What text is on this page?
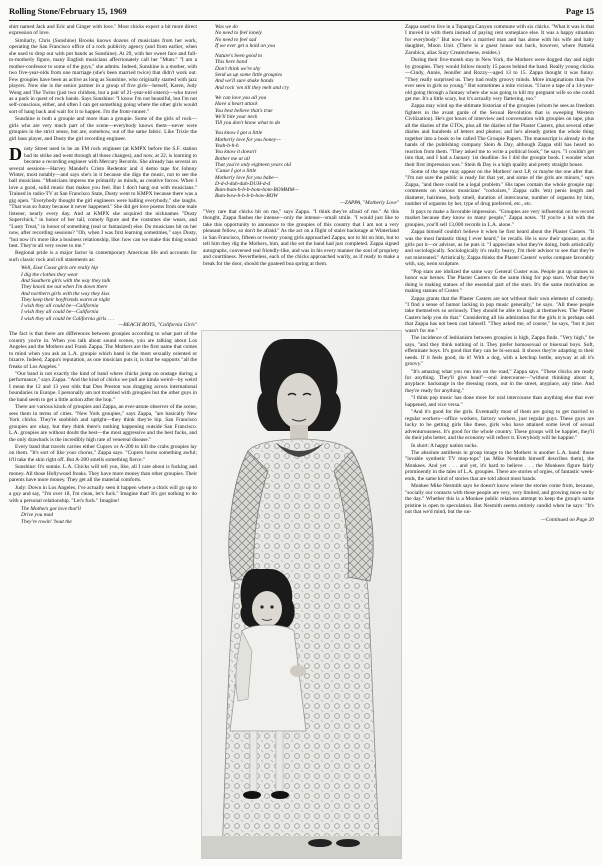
Rolling Stone/February 15, 1969	Page 15

shirt named Jack and Eric and Ginger with love." Most chicks expect a bit more direct expression of love.

Similarly, Chris (Sunshine) Brooks knows dozens of musicians from her work, operating the San Francisco office of a rock publicity agency (and from earlier, when she used to drop out with pot bands as Sunshine). At 29, with her sweet face and full-to-motherly figure, many English musicians affectionately call her "Mum." "I am a mother-confessor to some of the guys," she admits. Indeed, Sunshine is a mother, with two five-year-olds from one marriage (she's been married twice) that didn't work out. Few groupies have been as active as long as Sunshine, who originally started with jazz players. Now she is the senior partner in a group of five girls—herself, Karen, Judy Wong and The Twins (just two children, but a pair of 21-year-old sisters)—who travel as a pack in quest of rock bands. Says Sunshine: "I know I'm not beautiful, but I'm not self-conscious, either, and often I can get something going where the other girls would sort of hang back and wait for it to happen. I'm the front-runner."

Sunshine is both a groupie and more than a groupie. Some of the girls of rock—girls who are very much part of the scene—everybody knows them—never were groupies in the strict sense, but are, somehow, out of the same fabric. Like Trixie the girl bass player, and Dusty the girl recording engineer.

Dusty Street used to be an FM rock engineer (at KMPX before the S.F. station had its strike and went through all those changes), and now, at 22, is learning to become a recording engineer with Mercury Records. She already has several on several sessions—Harvey Mandel's Cristo Redentor and 4 demo tape for Johnny Winter, most notably—and says she's in it because she digs the music, not to see the ball musicians. "Musicians impress me primarily as minds, as creative forces. When I love a good, solid music that makes you feel. But I don't hang out with musicians." Trained in radio-TV at San Francisco State, Dusty went to KMPX because there was a gig open. "Everybody thought the girl engineers were balling everybody," she laughs. "That was so funny because it never happened." She did get love poems from one male listener, nearly every day. And at KMPX she acquired the nicknames "Dusty Superchick," in honor of her tall, comely figure and the costumes she wears, and "Lusty Treat," in honor of something (real or fantasized) else. Do musicians hit on her now, after recording sessions? "Oh, when I was first learning sometimes," says Dusty, "but now it's more like a business relationship, like: how can we make this thing sound best. They're all very sweet to me."

Regional pride is a major factor in contemporary American life and accounts for such classic rock and roll statements as:

Well, East Coast girls are really hip
I dig the clothes they wear
And Southern girls with the way they talk
They knock me out when I'm down there
And northern girls with the way they kiss
They keep their boyfriends warm at night
I wish they all could be—California
I wish they all could be—California
I wish they all could be California girls . . .
—BEACH BOYS, "California Girls"

The fact is that there are differences between groupies according to what part of the country you're in. When you talk about sound scenes, you are talking about Los Angeles and the Mothers and Frank Zappa. The Mothers are the first name that comes to mind when you ask an L.A. groupie which band is the most sexually oriented or bizarre. Indeed, Zappa's reputation, as one musician puts it, is that he supports "all the freaks of Los Angeles."

"Our band is not exactly the kind of band where chicks jump on onstage during a performance," says Zappa. "And the kind of chicks we pull are kinda weird—by weird I mean the 12 and 13 year olds that Don Preston was dragging across international boundaries in Europe. I personally am not troubled with groupies but the other guys in the band seem to get a little action after the hop."

There are various kinds of groupies and Zappa, an ever-astute observer of the scene, sees them in terms of cities. "New York groupies," says Zappa, "are basically New York chicks. They're snobbish and uptight—they think they're hip. San Francisco groupies are okay, but they think there's nothing happening outside San Francisco. L.A. groupies are without doubt the best—the most aggressive and the best fucks, and the only drawback is the incredibly high rate of venereal disease."

Every band that travels carries either Cuprex or A-200 to kill the crabs groupies lay on them. "It's sort of like your chorus," Zappa says. "Cuprex burns something awful; it'll take the skin right off. But A-200 smells something fierce."

Sunshine: It's sunnie. L.A. Chicks will tell you, like, all I care about is fucking and money. All those Hollywood freaks. They have more money than other groupies. Their parents have more money. They get all the material comforts.

Judy: Down in Los Angeles, I've actually seen it happen where a chick will go up to a guy and say, "I'm over 18, I'm clean, let's fuck." Imagine that! It's got nothing to do with a personal relationship. "Let's fuck." Imagine!

The Mothers got love that'll
Drive you mad
They're rowin' 'bout the
Was we do
No need to feel lonely
No need to feel sad
If we ever get a hold on you
Nature's been good to
This here band
Don't think we're shy
Send us up some little groupies
And we'll sure shake hands
And rock 'em till they melt and cry
We can love you all you
Have a heart attack
You best believe that's true
We'll bite your neck
Till you don't know what to do
You know I got a little
Motherly love for you honey—
Yeah-h-h-h
You know it doesn't
Bother me at all
That you're only eighteen years old
'Cause I got a little
Motherly love for you babe—
D-d-d-duh-duh-DUH-d-d
Bum-bum-b-b-b-bom-bom-BOMMM—
Bum-bow-b-b-b-b-bow-BOW
—ZAPPA, "Motherly Love"

"Very rare that chicks hit on me," says Zappa. "I think they're afraid of me." At this thought, Zappa flashes the intense—only the intense—small smile. "I would just like to take this opportunity to announce to the groupies of this country that I am not a very pleasant fellow, so don't be afraid." As the act on a flight of stairs backstage at Winterland in San Francisco, fifteen or twenty young girls approached Zappa, not to hit on him, but to tell him they dig the Mothers, him, and the set the band had just completed. Zappa signed autographs, conversed real friendly-like, and was in his every manner the soul of propriety and courtliness. Nevertheless, each of the chicks approached warily, as if ready to make a break for the door, should the goateed boa spring at them.

Zappa used to live in a Topanga Canyon commune with six chicks. "What it was is that I moved in with them instead of paying rent someplace else. It was a happy situation for everybody." But now he's a married man and has alone with his wife and baby daughter, Moon Unit. (There is a guest house out back, however, where Pamela Zarubica, alias Suzy Creamcheese, resides.)

During their five-month stay in New York, the Mothers were dogged day and night by groupies. They would follow mostly 15 paces behind the band. Really young chicks—Cindy, Annie, Jennifer and Rozzy—aged 13 to 15. Zappa thought it was funny. "They really surprised us. They had really groovy minds. More imaginations than I've ever seen in girls so young." But sometimes a mite vicious. "I have a tape of a 14-year-old going through a fantasy where she was going to kill my pregnant wife so she could get me. It's a little scary, but it's actually very flattering, too."

Zappa may wind up the ultimate historian of the groupies (whom he sees as freedom fighters in the avant garde of the Sexual Revolution that is sweeping Western Civilization). He's got hours of interview and conversation with groupies on tape, plus all the diaries of the GTOs, plus all the diaries of the Plaster Casters, plus several other diaries and hundreds of letters and photos; and he's already gotten the whole thing together into a book to be called The Groupie Papers. The manuscript is already in the hands of the publishing company Stein & Day, although Zappa still has heard no reaction from them. "They asked me to write a political book," he says. "I couldn't get into that, and I had a January 1st deadline. So I did the groupie book. I wonder what their first impression was." Stein & Day is a high quality and pretty straight house.

Some of the tape may appear on the Mothers' next LP, or maybe the one after that. "I'm not sure the public is ready for that yet, and some of the girls are minors," says Zappa, "and there could be a legal problem." His tapes contain the whole groupie rap: comments on various musicians' "cocksizes," Zappa calls 'em) penis length and diameter, hairiness, body smell, duration of intercourse, number of orgasms by him, number of orgasms by her, type of drug preferred, etc., etc.

It pays to make a favorable impression. "Groupies are very influential on the record market because they know so many people," Zappa notes. "If you're a hit with the groupies, you'll sell 13,000 records in L.A. alone."

Zappa himself couldn't believe it when he first heard about the Plaster Casters. "It was the most fantastic thing I ever heard," he recalls. He is now their sponsor, as the girls put it—or advisor, as he puts it. "I appreciate what they're doing, both artistically and sociologically. Sociologically it's really heavy, I'm their advisor to see that they're not mistreated." Artistically, Zappa thinks the Plaster Casters' works compare favorably with, say, neon sculpture.

"Pop stars are idolized the same way General Custer was. People put up statues to honor war heroes. The Plaster Casters do the same thing for pop stars. What they're doing is making statues of the essential part of the stars. It's the same motivation as making statues of Custer."

Zappa grants that the Plaster Casters are not without their own element of comedy. "I find a sense of humor lacking in pop music generally," he says. "All these people take themselves so seriously. They should be able to laugh at themselves. The Plaster Casters help you do that." Considering all his admiration for the girls it is perhaps odd that Zappa has not been cast himself. "They asked me, of course," he says, "but it just wasn't for me."

The incidence of lesbianism between groupies is high, Zappa finds. "Very high," he says, "and they think nothing of it. They prefer homosexual or bisexual boys. Soft, effeminate boys. It's good that they can be bi-sexual. It shows they're adapting to their needs. If it feels good, do it! With a dog, with a ketchup bottle, anyway at all it's groovy."

"It's amazing what you run into on the road," Zappa says. "These chicks are ready for anything. They'll give head"—oral intercourse—"without thinking about it, anyplace: backstage in the dressing room, out in the street, anyplace, any time. And they're ready for anything."

"I think pop music has done more for oral intercourse than anything else that ever happened, and vice versa."

"And it's good for the girls. Eventually most of them are going to get married to regular workers—office workers, factory workers, just regular guys. These guys are lucky to be getting girls like these, girls who have attained some level of sexual adventurousness. It's good for the whole country. These groups will be happier, they'll do their jobs better, and the economy will reflect it. Everybody will be happier."

In short: A happy nation sucks.

The absolute antithesis in group image to the Mothers is another L.A. band: those "lovable synthetic TV mop-tops" (as Mike Nesmith himself describes them), the Monkees. And yet . . . and yet, it's hard to believe . . . the Monkees figure fairly prominently in the tales of L.A. groupies. There are stories of orgies, of fantastic week-ends, the same kind of stories that are told about most bands.

Monkee Mike Nesmith says he doesn't know where the stories come from, because, "socially our contacts with those people are very, very limited, and growing more so by the day." Whether this is a Monkee public relations attempt to keep the group's name pristine is open to speculation. But Nesmith seems entirely candid when he says: "It's not that we'd mind, but the un-

—Continued on Page 20
